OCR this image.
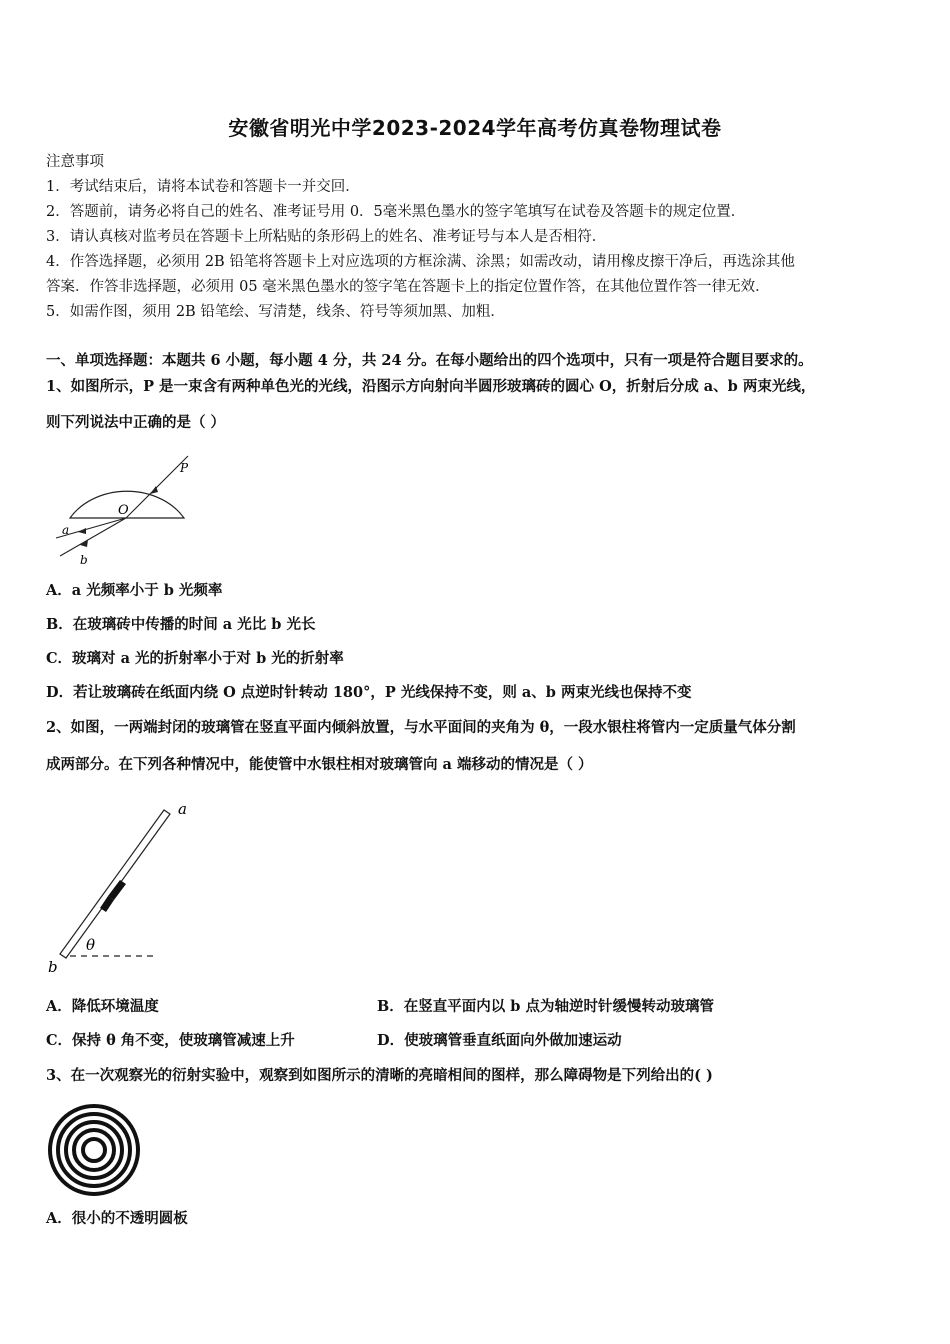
安徽省明光中学2023-2024学年高考仿真卷物理试卷
注意事项
1．考试结束后，请将本试卷和答题卡一并交回．
2．答题前，请务必将自己的姓名、准考证号用 0．5毫米黑色墨水的签字笔填写在试卷及答题卡的规定位置．
3．请认真核对监考员在答题卡上所粘贴的条形码上的姓名、准考证号与本人是否相符．
4．作答选择题，必须用 2B 铅笔将答题卡上对应选项的方框涂满、涂黑；如需改动，请用橡皮擦干净后，再选涂其他
答案．作答非选择题，必须用 05 毫米黑色墨水的签字笔在答题卡上的指定位置作答，在其他位置作答一律无效．
5．如需作图，须用 2B 铅笔绘、写清楚，线条、符号等须加黑、加粗．
一、单项选择题：本题共 6 小题，每小题 4 分，共 24 分。在每小题给出的四个选项中，只有一项是符合题目要求的。
1、如图所示，P 是一束含有两种单色光的光线，沿图示方向射向半圆形玻璃砖的圆心 O，折射后分成 a、b 两束光线，
则下列说法中正确的是（ ）
P
O
a
b
A．a 光频率小于 b 光频率
B．在玻璃砖中传播的时间 a 光比 b 光长
C．玻璃对 a 光的折射率小于对 b 光的折射率
D．若让玻璃砖在纸面内绕 O 点逆时针转动 180°，P 光线保持不变，则 a、b 两束光线也保持不变
2、如图，一两端封闭的玻璃管在竖直平面内倾斜放置，与水平面间的夹角为 θ，一段水银柱将管内一定质量气体分割
成两部分。在下列各种情况中，能使管中水银柱相对玻璃管向 a 端移动的情况是（ ）
a
b
θ
A．降低环境温度	B．在竖直平面内以 b 点为轴逆时针缓慢转动玻璃管
C．保持 θ 角不变，使玻璃管减速上升	D．使玻璃管垂直纸面向外做加速运动
3、在一次观察光的衍射实验中，观察到如图所示的清晰的亮暗相间的图样，那么障碍物是下列给出的( )
A．很小的不透明圆板
